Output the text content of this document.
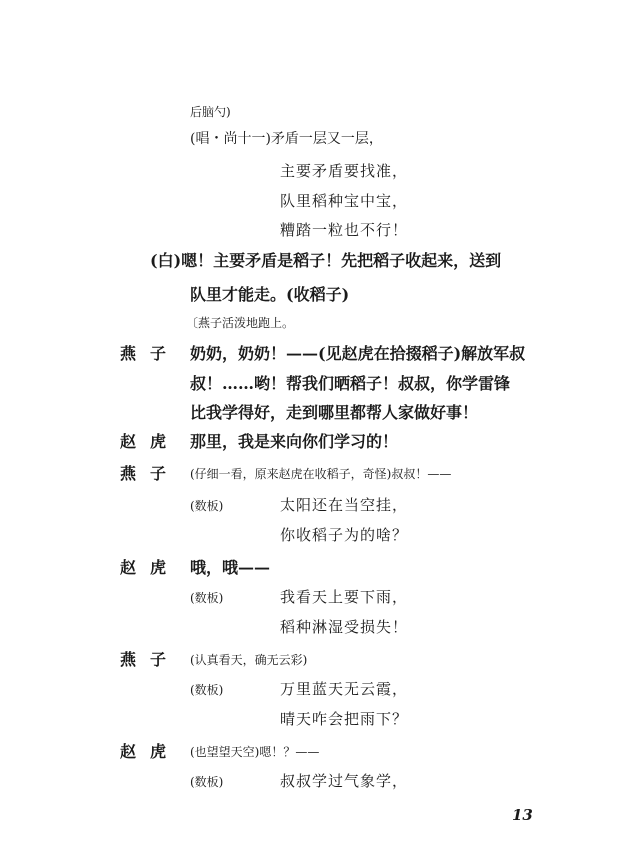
后脑勺)
(唱・尚十一)矛盾一层又一层，
主要矛盾要找准，
队里稻种宝中宝，
糟踏一粒也不行！
(白)嗯！主要矛盾是稻子！先把稻子收起来，送到
队里才能走。(收稻子)
〔燕子活泼地跑上。
燕子 奶奶，奶奶！——(见赵虎在拾掇稻子)解放军叔
叔！……哟！帮我们晒稻子！叔叔，你学雷锋
比我学得好，走到哪里都帮人家做好事！
赵虎 那里，我是来向你们学习的！
燕子 (仔细一看，原来赵虎在收稻子，奇怪)叔叔！——
(数板)	太阳还在当空挂，
你收稻子为的啥？
赵虎 哦，哦——
(数板)	我看天上要下雨，
稻种淋湿受损失！
燕子 (认真看天，确无云彩)
(数板)	万里蓝天无云霞，
晴天咋会把雨下？
赵虎 (也望望天空)嗯！？——
(数板)	叔叔学过气象学，
13
